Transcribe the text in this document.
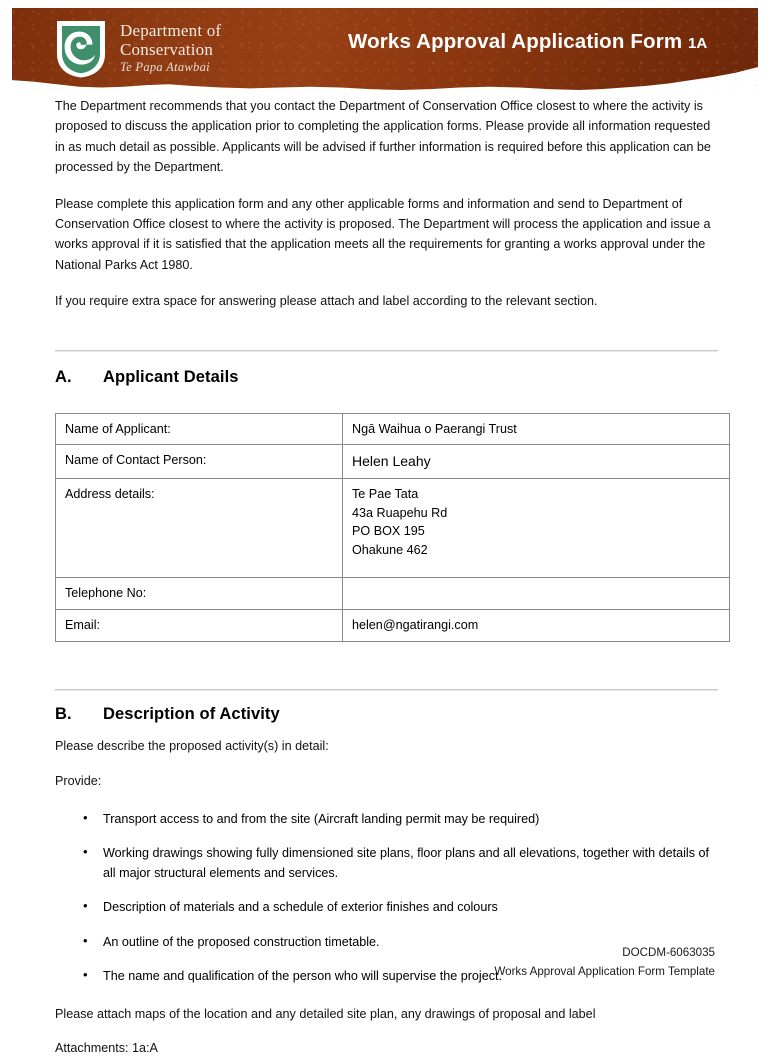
Department of
Conservation
Te Papa Atawbai
Works Approval Application Form 1A

The Department recommends that you contact the Department of Conservation Office closest to where the activity is proposed to discuss the application prior to completing the application forms. Please provide all information requested in as much detail as possible. Applicants will be advised if further information is required before this application can be processed by the Department.

Please complete this application form and any other applicable forms and information and send to Department of Conservation Office closest to where the activity is proposed. The Department will process the application and issue a works approval if it is satisfied that the application meets all the requirements for granting a works approval under the National Parks Act 1980.

If you require extra space for answering please attach and label according to the relevant section.

A.	Applicant Details
Name of Applicant:	Ngā Waihua o Paerangi Trust
Name of Contact Person:	Helen Leahy
Address details:	Te Pae Tata
43a Ruapehu Rd
PO BOX 195
Ohakune 462

Telephone No:	
Email:	helen@ngatirangi.com
B.	Description of Activity

Please describe the proposed activity(s) in detail:

Provide:

• Transport access to and from the site (Aircraft landing permit may be required)
• Working drawings showing fully dimensioned site plans, floor plans and all elevations, together with details of all major structural elements and services.
• Description of materials and a schedule of exterior finishes and colours
• An outline of the proposed construction timetable.
• The name and qualification of the person who will supervise the project.

Please attach maps of the location and any detailed site plan, any drawings of proposal and label

Attachments: 1a:A

DOCDM-6063035
Works Approval Application Form Template
